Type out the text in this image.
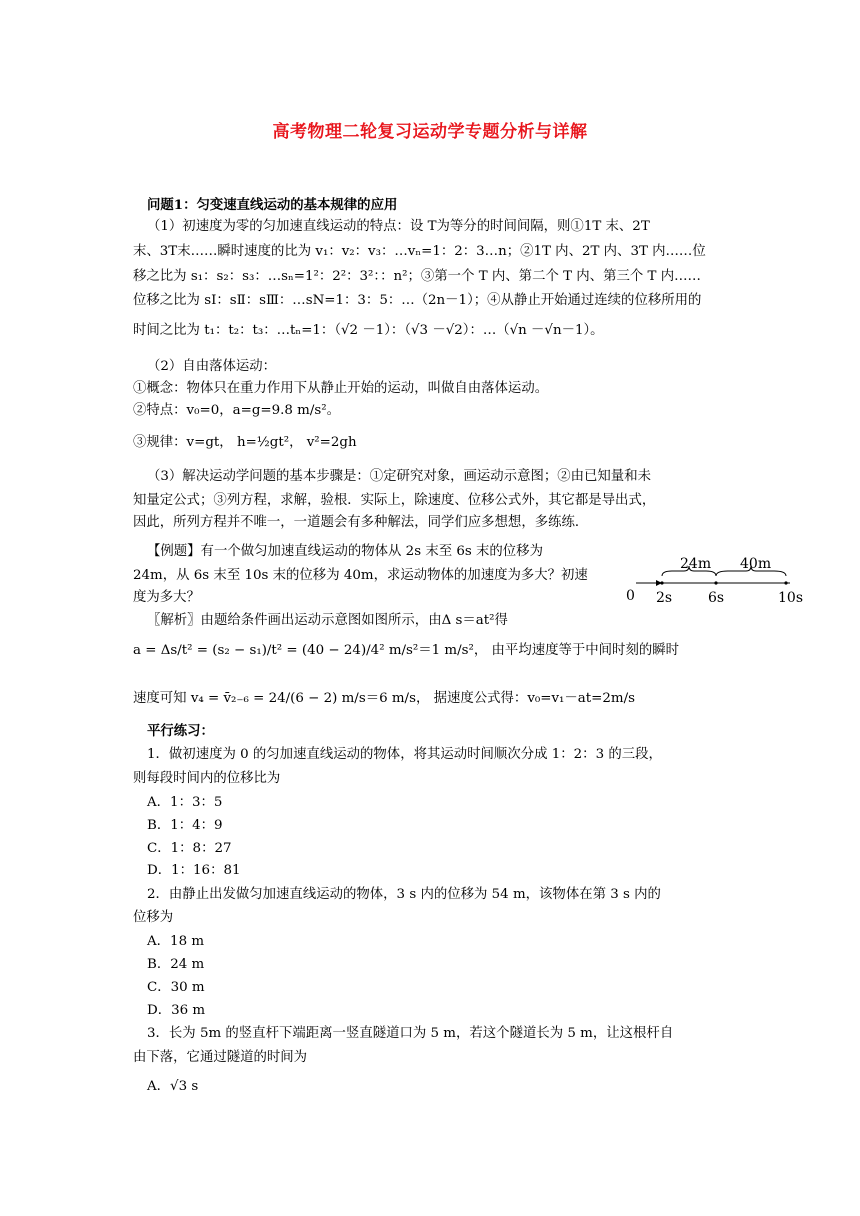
高考物理二轮复习运动学专题分析与详解
问题1：匀变速直线运动的基本规律的应用
（1）初速度为零的匀加速直线运动的特点：设 T为等分的时间间隔，则①1T 末、2T
末、3T末……瞬时速度的比为 v₁：v₂：v₃：…vₙ=1：2：3…n；②1T 内、2T 内、3T 内……位
移之比为 s₁：s₂：s₃：…sₙ=1²：2²：3²：：n²；③第一个 T 内、第二个 T 内、第三个 T 内……
位移之比为 sⅠ：sⅡ：sⅢ：…sN=1：3：5：…（2n－1）；④从静止开始通过连续的位移所用的
时间之比为 t₁：t₂：t₃：…tₙ=1：（√2 －1）：（√3 －√2）：…（√n －√n－1）。
（2）自由落体运动：
①概念：物体只在重力作用下从静止开始的运动，叫做自由落体运动。
②特点：v₀=0，a=g=9.8 m/s²。
③规律：v=gt， h=½gt²， v²=2gh
（3）解决运动学问题的基本步骤是：①定研究对象，画运动示意图；②由已知量和未
知量定公式；③列方程，求解，验根．实际上，除速度、位移公式外，其它都是导出式，
因此，所列方程并不唯一，一道题会有多种解法，同学们应多想想，多练练．
【例题】有一个做匀加速直线运动的物体从 2s 末至 6s 末的位移为
24m，从 6s 末至 10s 末的位移为 40m，求运动物体的加速度为多大？初速
度为多大？
〖解析〗由题给条件画出运动示意图如图所示，由Δ s＝at²得
a = Δs/t² = (s₂ − s₁)/t² = (40 − 24)/4² m/s²＝1 m/s²， 由平均速度等于中间时刻的瞬时
速度可知 v₄ = v̄₂₋₆ = 24/(6 − 2) m/s＝6 m/s， 据速度公式得：v₀=v₁－at=2m/s
24m 40m
0 2s	6s	10s
平行练习：
1．做初速度为 0 的匀加速直线运动的物体，将其运动时间顺次分成 1：2：3 的三段，
则每段时间内的位移比为
A．1：3：5
B．1：4：9
C．1：8：27
D．1：16：81
2．由静止出发做匀加速直线运动的物体，3 s 内的位移为 54 m，该物体在第 3 s 内的
位移为
A．18 m
B．24 m
C．30 m
D．36 m
3．长为 5m 的竖直杆下端距离一竖直隧道口为 5 m，若这个隧道长为 5 m，让这根杆自
由下落，它通过隧道的时间为
A．√3 s
